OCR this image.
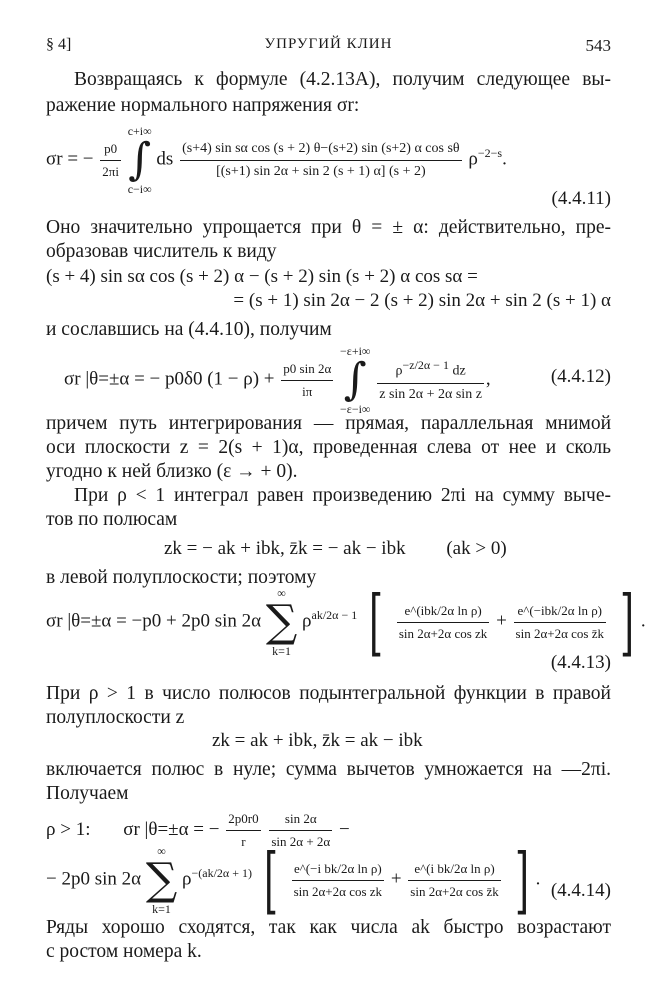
УПРУГИЙ КЛИН
§ 4]	543
Возвращаясь к формуле (4.2.13А), получим следующее вы-
ражение нормального напряжения σr:
σr = − $\frac{p0}{2\pi i}$

c+i∞
∫
c−i∞
ds $\frac{\text{(s+4) sin sα cos (s + 2) θ−(s+2) sin (s+2) α cos sθ}}{[(s+1) \sin 2\alpha + \sin 2 (s + 1) \alpha] (s + 2)} \rho^{-2-s}$.
(4.4.11)
Оно значительно упрощается при θ = ± α: действительно, пре-
образовав числитель к виду
(s + 4) sin sα cos (s + 2) α − (s + 2) sin (s + 2) α cos sα =
= (s + 1) sin 2α − 2 (s + 2) sin 2α + sin 2 (s + 1) α
и сославшись на (4.4.10), получим
σr |θ=±α = − p0δ0 $(1 - \rho) + \frac{p0 \sin 2\alpha}{i\pi}$

−ε+i∞
∫
−ε−i∞

$\frac{\rho^{-z/2\alpha - 1} dz}{\text{z sin 2α + 2α sin z}}$ ,	(4.4.12)
причем путь интегрирования — прямая, параллельная мнимой
оси плоскости z = 2(s + 1)α, проведенная слева от нее и сколь
угодно к ней близко (ε → + 0).
При ρ < 1 интеграл равен произведению 2πi на сумму выче-
тов по полюсам
zk = − ak + ibk, z̄k = − ak − ibk (ak > 0)
в левой полуплоскости; поэтому
σr |θ=±α = −p0 + 2p0 sin 2α
∞
∑
k=1
$\rho^{ak/2\alpha - 1}$ [ $\frac{\text{e\textasciicircum{}(ibk/2α ln ρ)}}{\text{sin 2α+2α cos zk}} + \frac{\text{e\textasciicircum{}(−ibk/2α ln ρ)}}{\text{sin 2α+2α cos z̄k}}$ ] .
(4.4.13)
При ρ > 1 в число полюсов подынтегральной функции в правой
полуплоскости z
zk = ak + ibk, z̄k = ak − ibk
включается полюс в нуле; сумма вычетов умножается на —2πi.
Получаем
ρ > 1: σr |θ=±α = − $\frac{2p0r0}{r}$
$\frac{\sin 2\alpha}{\sin 2\alpha + 2\alpha}$ −
− 2p0 sin 2α
∞
∑
k=1
$\rho^{-(ak/2\alpha + 1)}$ [ $\frac{\text{e\textasciicircum{}(−i bk/2α ln ρ)}}{\text{sin 2α+2α cos zk}} + \frac{\text{e\textasciicircum{}(i bk/2α ln ρ)}}{\text{sin 2α+2α cos z̄k}}$ ] .
(4.4.14)
Ряды хорошо сходятся, так как числа ak быстро возрастают
с ростом номера k.
